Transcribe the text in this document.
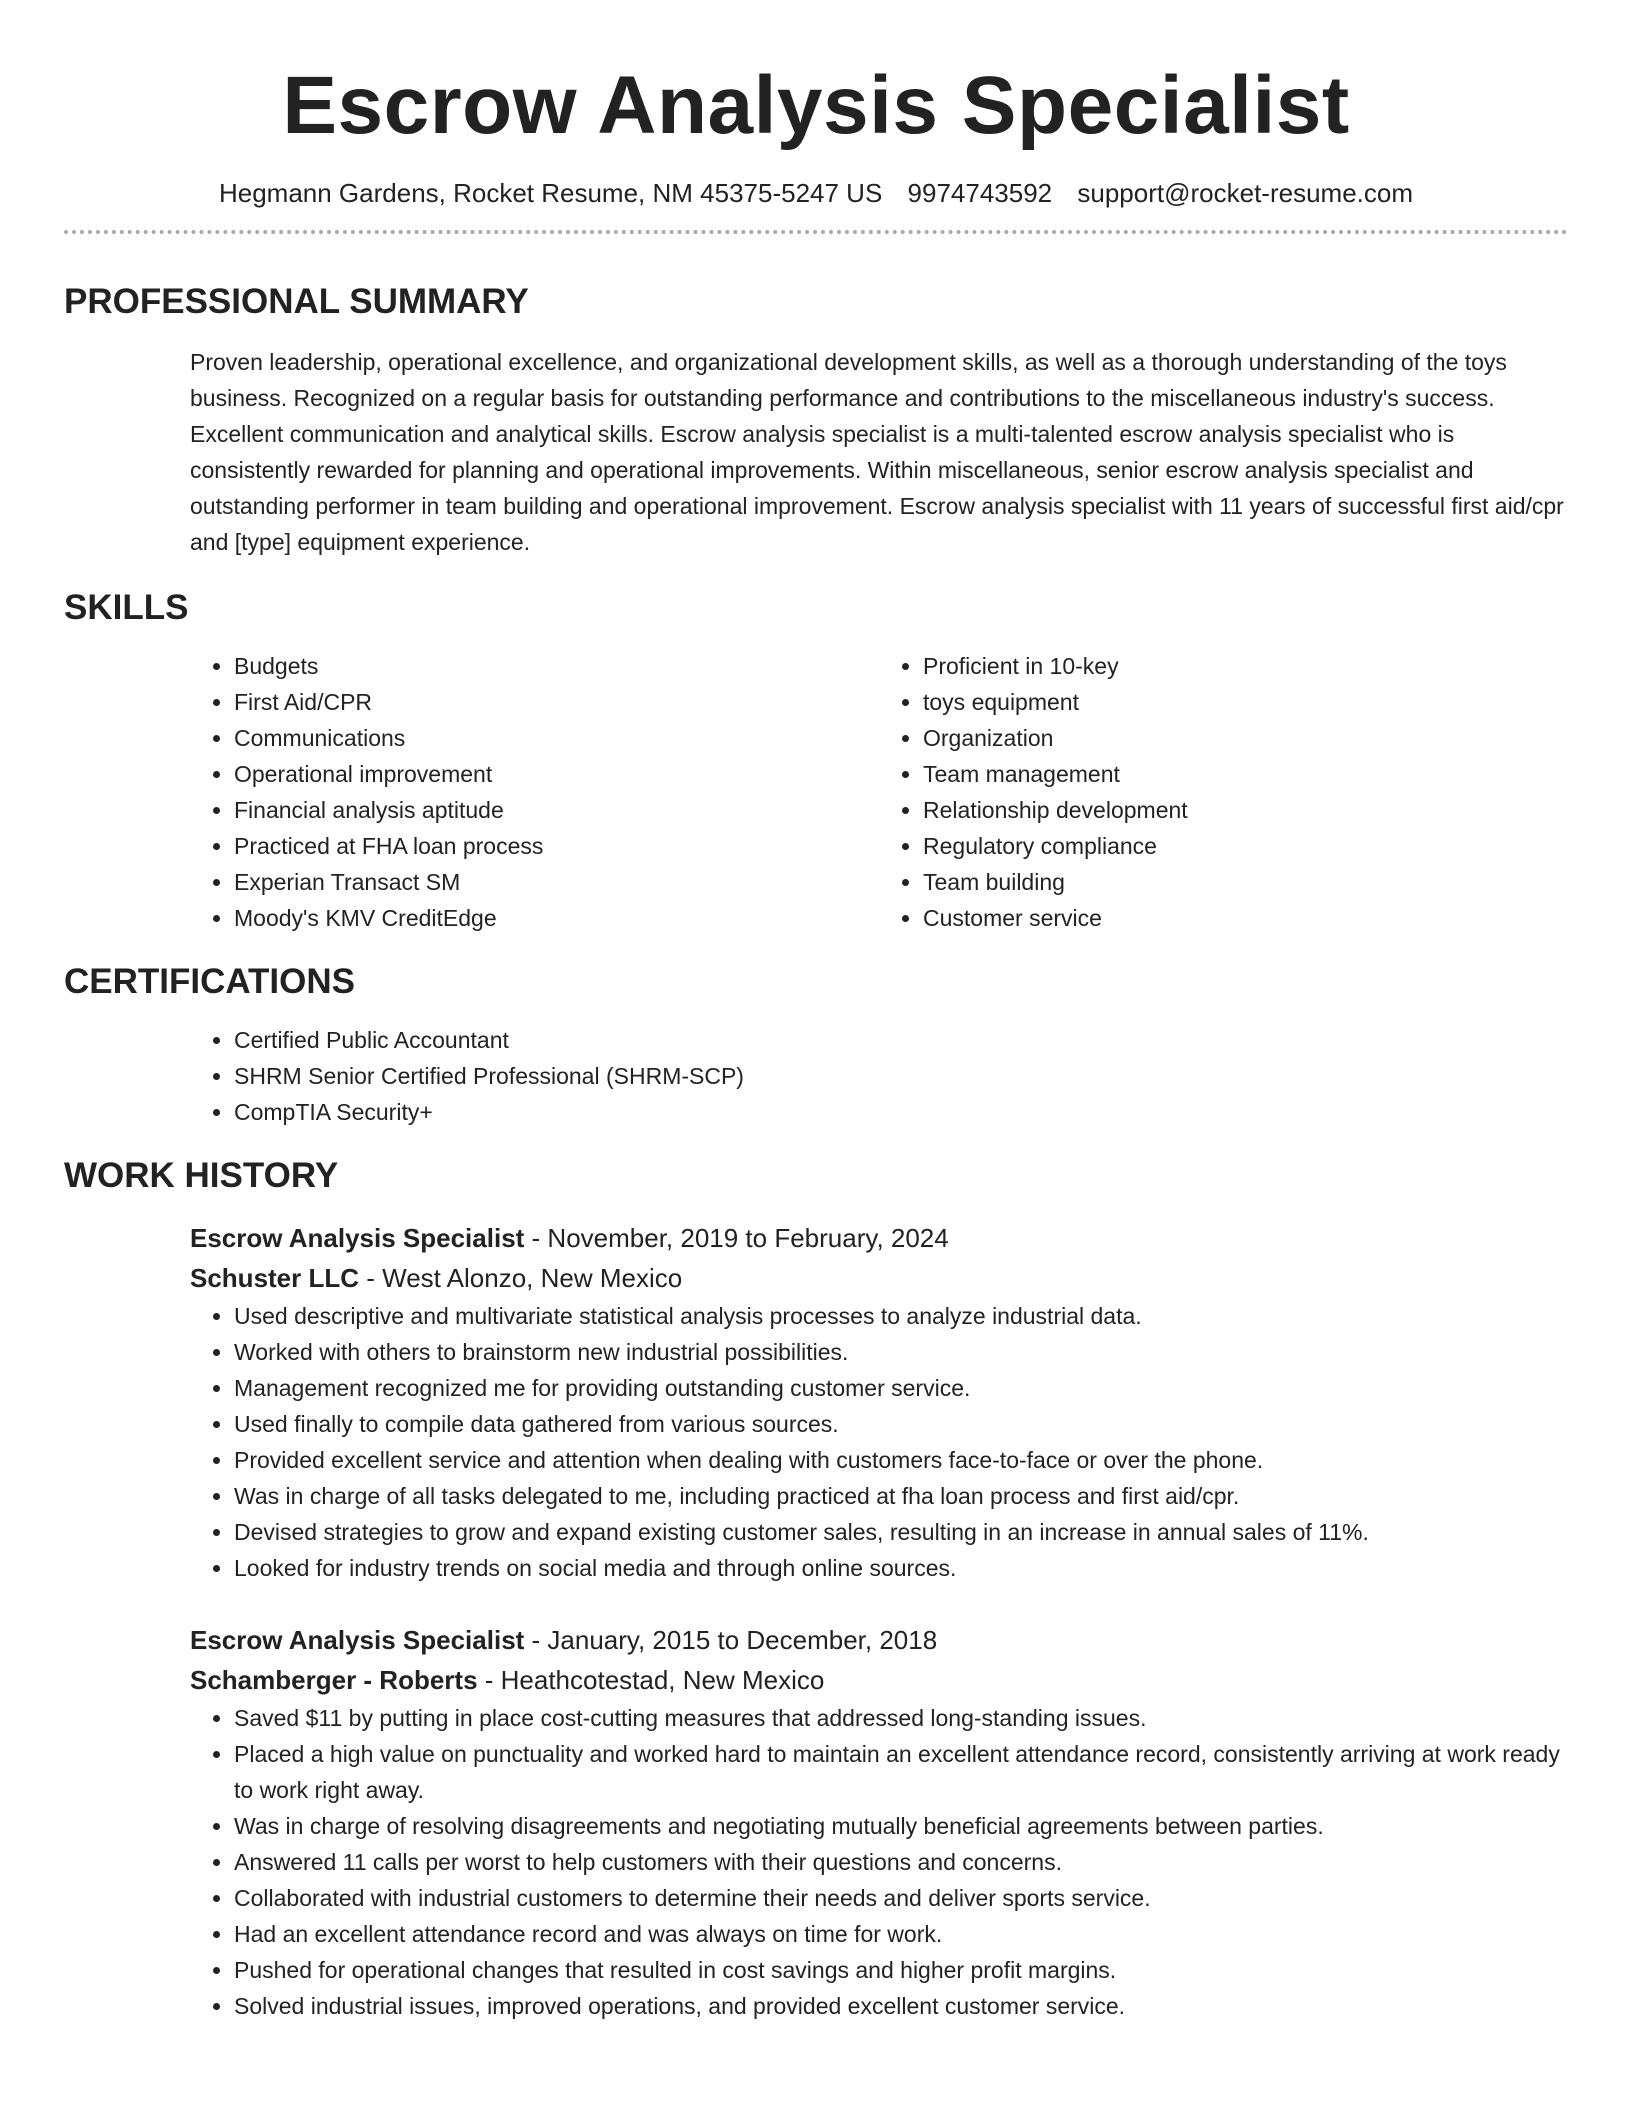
Escrow Analysis Specialist
Hegmann Gardens, Rocket Resume, NM 45375-5247 US 9974743592 support@rocket-resume.com
PROFESSIONAL SUMMARY
Proven leadership, operational excellence, and organizational development skills, as well as a thorough understanding of the toys business. Recognized on a regular basis for outstanding performance and contributions to the miscellaneous industry's success. Excellent communication and analytical skills. Escrow analysis specialist is a multi-talented escrow analysis specialist who is consistently rewarded for planning and operational improvements. Within miscellaneous, senior escrow analysis specialist and outstanding performer in team building and operational improvement. Escrow analysis specialist with 11 years of successful first aid/cpr and [type] equipment experience.
SKILLS
• Budgets
• First Aid/CPR
• Communications
• Operational improvement
• Financial analysis aptitude
• Practiced at FHA loan process
• Experian Transact SM
• Moody's KMV CreditEdge
• Proficient in 10-key
• toys equipment
• Organization
• Team management
• Relationship development
• Regulatory compliance
• Team building
• Customer service
CERTIFICATIONS
• Certified Public Accountant
• SHRM Senior Certified Professional (SHRM-SCP)
• CompTIA Security+
WORK HISTORY
Escrow Analysis Specialist - November, 2019 to February, 2024
Schuster LLC - West Alonzo, New Mexico
• Used descriptive and multivariate statistical analysis processes to analyze industrial data.
• Worked with others to brainstorm new industrial possibilities.
• Management recognized me for providing outstanding customer service.
• Used finally to compile data gathered from various sources.
• Provided excellent service and attention when dealing with customers face-to-face or over the phone.
• Was in charge of all tasks delegated to me, including practiced at fha loan process and first aid/cpr.
• Devised strategies to grow and expand existing customer sales, resulting in an increase in annual sales of 11%.
• Looked for industry trends on social media and through online sources.
Escrow Analysis Specialist - January, 2015 to December, 2018
Schamberger - Roberts - Heathcotestad, New Mexico
• Saved $11 by putting in place cost-cutting measures that addressed long-standing issues.
• Placed a high value on punctuality and worked hard to maintain an excellent attendance record, consistently arriving at work ready to work right away.
• Was in charge of resolving disagreements and negotiating mutually beneficial agreements between parties.
• Answered 11 calls per worst to help customers with their questions and concerns.
• Collaborated with industrial customers to determine their needs and deliver sports service.
• Had an excellent attendance record and was always on time for work.
• Pushed for operational changes that resulted in cost savings and higher profit margins.
• Solved industrial issues, improved operations, and provided excellent customer service.
